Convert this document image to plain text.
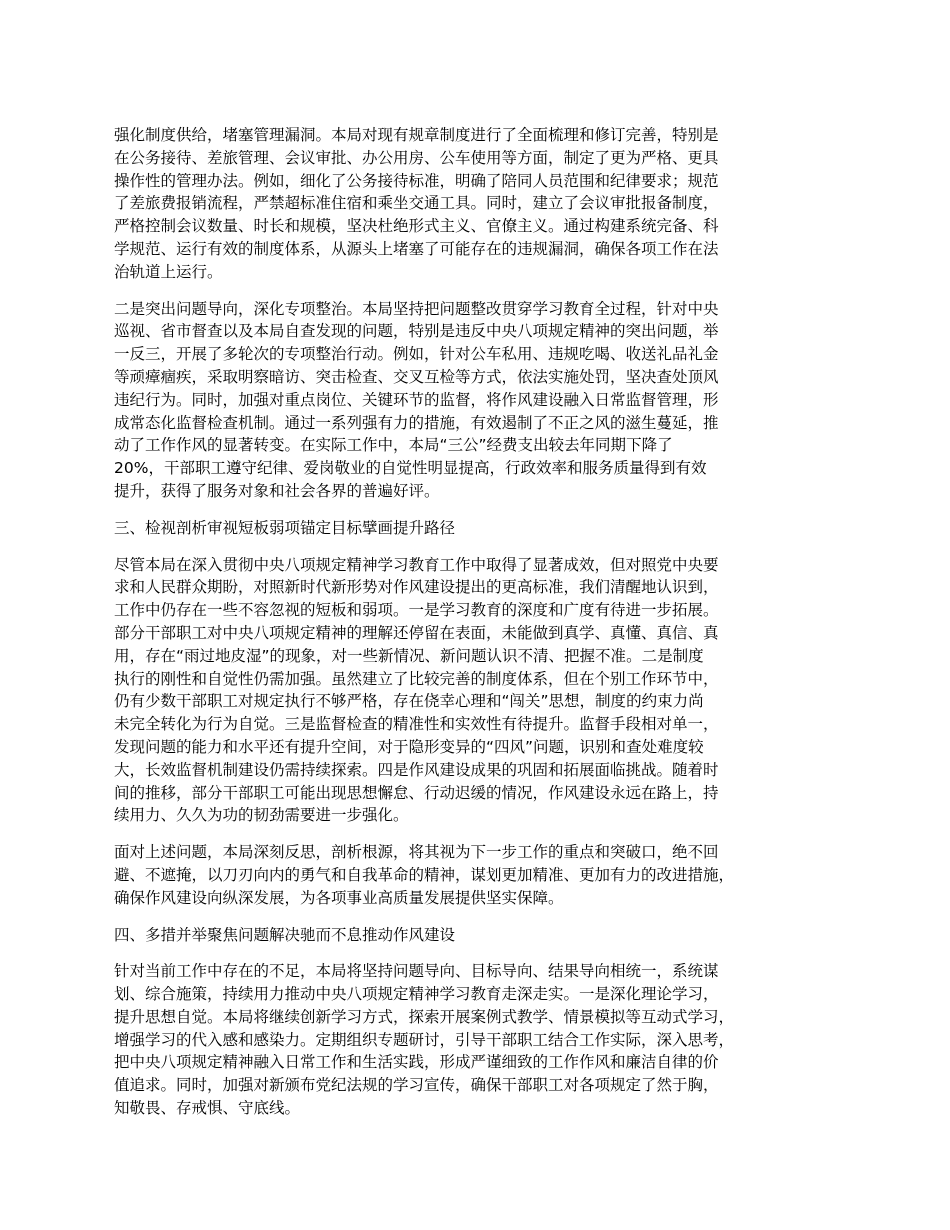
强化制度供给，堵塞管理漏洞。本局对现有规章制度进行了全面梳理和修订完善，特别是
在公务接待、差旅管理、会议审批、办公用房、公车使用等方面，制定了更为严格、更具
操作性的管理办法。例如，细化了公务接待标准，明确了陪同人员范围和纪律要求；规范
了差旅费报销流程，严禁超标准住宿和乘坐交通工具。同时，建立了会议审批报备制度，
严格控制会议数量、时长和规模，坚决杜绝形式主义、官僚主义。通过构建系统完备、科
学规范、运行有效的制度体系，从源头上堵塞了可能存在的违规漏洞，确保各项工作在法
治轨道上运行。

二是突出问题导向，深化专项整治。本局坚持把问题整改贯穿学习教育全过程，针对中央
巡视、省市督查以及本局自查发现的问题，特别是违反中央八项规定精神的突出问题，举
一反三，开展了多轮次的专项整治行动。例如，针对公车私用、违规吃喝、收送礼品礼金
等顽瘴痼疾，采取明察暗访、突击检查、交叉互检等方式，依法实施处罚，坚决查处顶风
违纪行为。同时，加强对重点岗位、关键环节的监督，将作风建设融入日常监督管理，形
成常态化监督检查机制。通过一系列强有力的措施，有效遏制了不正之风的滋生蔓延，推
动了工作作风的显著转变。在实际工作中，本局“三公”经费支出较去年同期下降了
20%，干部职工遵守纪律、爱岗敬业的自觉性明显提高，行政效率和服务质量得到有效
提升，获得了服务对象和社会各界的普遍好评。

三、检视剖析审视短板弱项锚定目标擘画提升路径

尽管本局在深入贯彻中央八项规定精神学习教育工作中取得了显著成效，但对照党中央要
求和人民群众期盼，对照新时代新形势对作风建设提出的更高标准，我们清醒地认识到，
工作中仍存在一些不容忽视的短板和弱项。一是学习教育的深度和广度有待进一步拓展。
部分干部职工对中央八项规定精神的理解还停留在表面，未能做到真学、真懂、真信、真
用，存在“雨过地皮湿”的现象，对一些新情况、新问题认识不清、把握不准。二是制度
执行的刚性和自觉性仍需加强。虽然建立了比较完善的制度体系，但在个别工作环节中，
仍有少数干部职工对规定执行不够严格，存在侥幸心理和“闯关”思想，制度的约束力尚
未完全转化为行为自觉。三是监督检查的精准性和实效性有待提升。监督手段相对单一，
发现问题的能力和水平还有提升空间，对于隐形变异的“四风”问题，识别和查处难度较
大，长效监督机制建设仍需持续探索。四是作风建设成果的巩固和拓展面临挑战。随着时
间的推移，部分干部职工可能出现思想懈怠、行动迟缓的情况，作风建设永远在路上，持
续用力、久久为功的韧劲需要进一步强化。

面对上述问题，本局深刻反思，剖析根源，将其视为下一步工作的重点和突破口，绝不回
避、不遮掩，以刀刃向内的勇气和自我革命的精神，谋划更加精准、更加有力的改进措施，
确保作风建设向纵深发展，为各项事业高质量发展提供坚实保障。

四、多措并举聚焦问题解决驰而不息推动作风建设

针对当前工作中存在的不足，本局将坚持问题导向、目标导向、结果导向相统一，系统谋
划、综合施策，持续用力推动中央八项规定精神学习教育走深走实。一是深化理论学习，
提升思想自觉。本局将继续创新学习方式，探索开展案例式教学、情景模拟等互动式学习，
增强学习的代入感和感染力。定期组织专题研讨，引导干部职工结合工作实际，深入思考，
把中央八项规定精神融入日常工作和生活实践，形成严谨细致的工作作风和廉洁自律的价
值追求。同时，加强对新颁布党纪法规的学习宣传，确保干部职工对各项规定了然于胸，
知敬畏、存戒惧、守底线。
